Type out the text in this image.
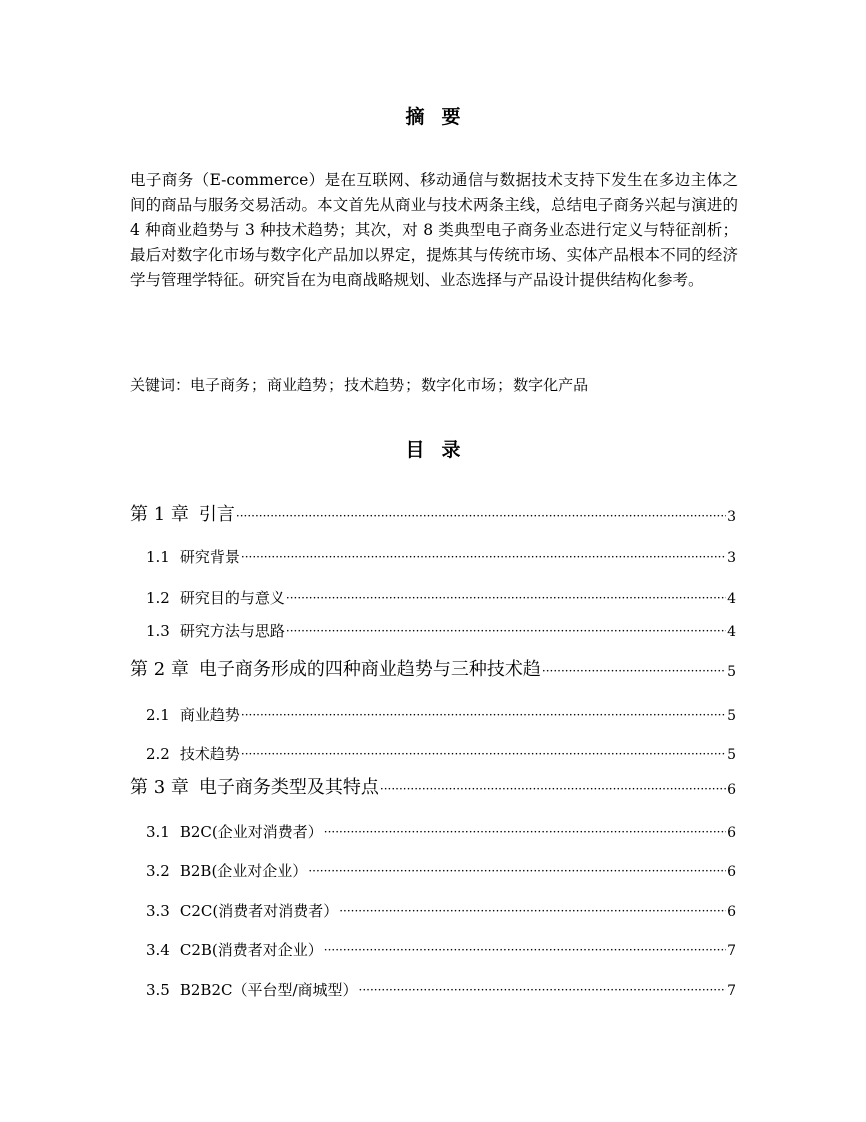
摘要
电子商务（E-commerce）是在互联网、移动通信与数据技术支持下发生在多边主体之间的商品与服务交易活动。本文首先从商业与技术两条主线，总结电子商务兴起与演进的 4 种商业趋势与 3 种技术趋势；其次，对 8 类典型电子商务业态进行定义与特征剖析；最后对数字化市场与数字化产品加以界定，提炼其与传统市场、实体产品根本不同的经济学与管理学特征。研究旨在为电商战略规划、业态选择与产品设计提供结构化参考。
关键词：电子商务；商业趋势；技术趋势；数字化市场；数字化产品
目录
第 1 章 引言 ·····	3
1.1 研究背景 ·····	3
1.2 研究目的与意义 ·····	4
1.3 研究方法与思路 ·····	4
第 2 章 电子商务形成的四种商业趋势与三种技术趋 ·····	5
2.1 商业趋势 ·····	5
2.2 技术趋势 ·····	5
第 3 章 电子商务类型及其特点 ·····	6
3.1 B2C(企业对消费者） ·····	6
3.2 B2B(企业对企业） ·····	6
3.3 C2C(消费者对消费者） ·····	6
3.4 C2B(消费者对企业） ·····	7
3.5 B2B2C（平台型/商城型） ·····	7
